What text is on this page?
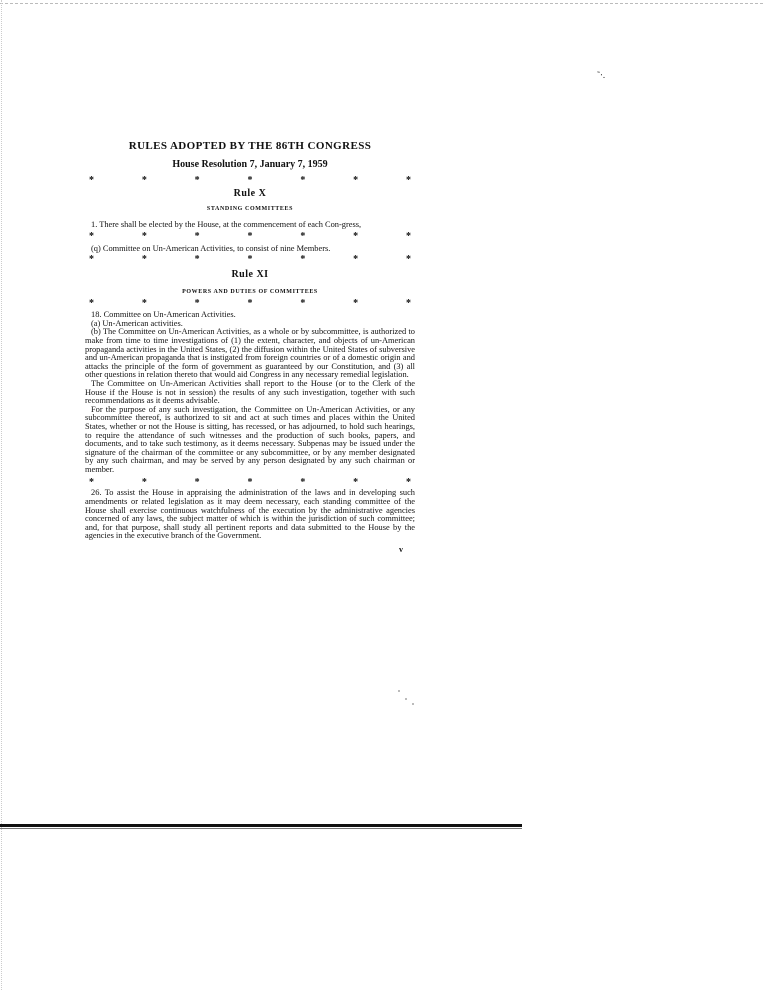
˜‧.

RULES ADOPTED BY THE 86TH CONGRESS

House Resolution 7, January 7, 1959

*	*	*	*	*	*	*
Rule X
STANDING COMMITTEES

1. There shall be elected by the House, at the commencement of each Con-gress,

*	*	*	*	*	*	*

(q) Committee on Un-American Activities, to consist of nine Members.

*	*	*	*	*	*	*
Rule XI
POWERS AND DUTIES OF COMMITTEES
*	*	*	*	*	*	*

18. Committee on Un-American Activities.

(a) Un-American activities.

(b) The Committee on Un-American Activities, as a whole or by subcommittee, is authorized to make from time to time investigations of (1) the extent, character, and objects of un-American propaganda activities in the United States, (2) the diffusion within the United States of subversive and un-American propaganda that is instigated from foreign countries or of a domestic origin and attacks the principle of the form of government as guaranteed by our Constitution, and (3) all other questions in relation thereto that would aid Congress in any necessary remedial legislation.

The Committee on Un-American Activities shall report to the House (or to the Clerk of the House if the House is not in session) the results of any such investigation, together with such recommendations as it deems advisable.

For the purpose of any such investigation, the Committee on Un-American Activities, or any subcommittee thereof, is authorized to sit and act at such times and places within the United States, whether or not the House is sitting, has recessed, or has adjourned, to hold such hearings, to require the attendance of such witnesses and the production of such books, papers, and documents, and to take such testimony, as it deems necessary. Subpenas may be issued under the signature of the chairman of the committee or any subcommittee, or by any member designated by any such chairman, and may be served by any person designated by any such chairman or member.

*	*	*	*	*	*	*

26. To assist the House in appraising the administration of the laws and in developing such amendments or related legislation as it may deem necessary, each standing committee of the House shall exercise continuous watchfulness of the execution by the administrative agencies concerned of any laws, the subject matter of which is within the jurisdiction of such committee; and, for that purpose, shall study all pertinent reports and data submitted to the House by the agencies in the executive branch of the Government.

v
